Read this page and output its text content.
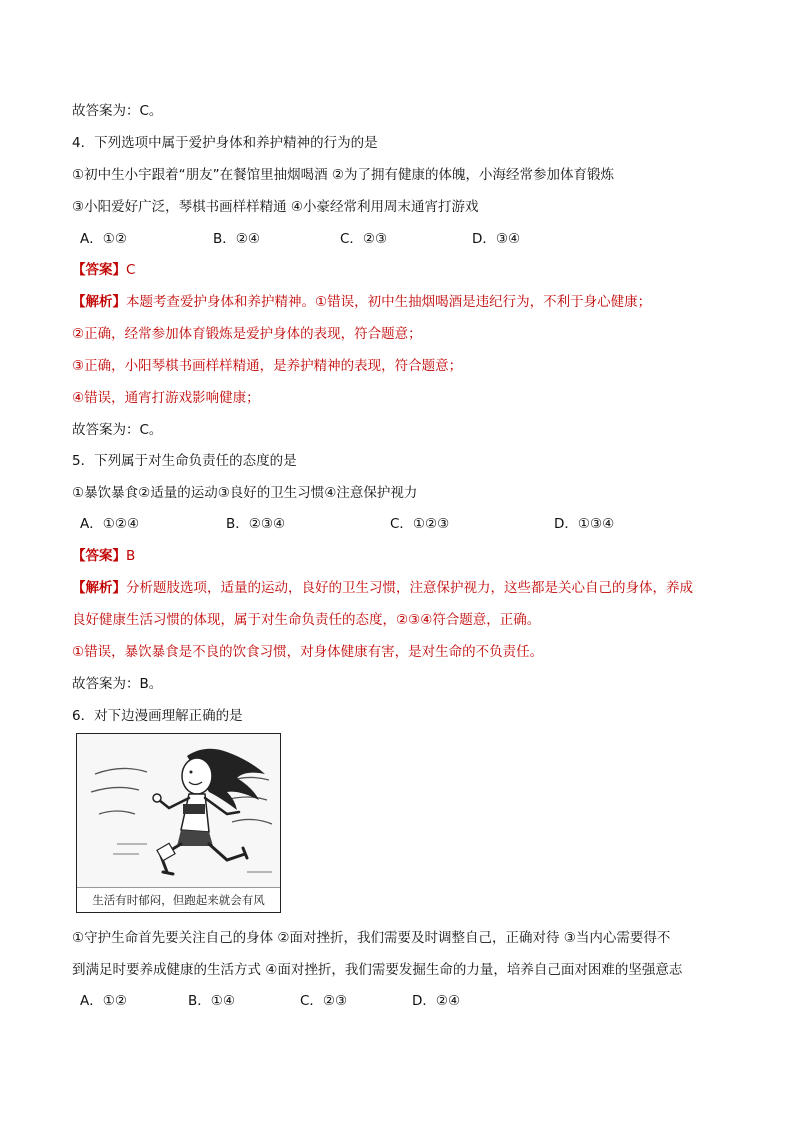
故答案为：C。
4．下列选项中属于爱护身体和养护精神的行为的是
①初中生小宇跟着“朋友”在餐馆里抽烟喝酒 ②为了拥有健康的体魄，小海经常参加体育锻炼
③小阳爱好广泛，琴棋书画样样精通 ④小豪经常利用周末通宵打游戏
A．①②	B．②④	C．②③	D．③④
【答案】C
【解析】本题考查爱护身体和养护精神。①错误，初中生抽烟喝酒是违纪行为，不利于身心健康；
②正确，经常参加体育锻炼是爱护身体的表现，符合题意；
③正确，小阳琴棋书画样样精通，是养护精神的表现，符合题意；
④错误，通宵打游戏影响健康；
故答案为：C。
5．下列属于对生命负责任的态度的是
①暴饮暴食②适量的运动③良好的卫生习惯④注意保护视力
A．①②④	B．②③④	C．①②③	D．①③④
【答案】B
【解析】分析题肢选项，适量的运动，良好的卫生习惯，注意保护视力，这些都是关心自己的身体，养成
良好健康生活习惯的体现，属于对生命负责任的态度，②③④符合题意，正确。
①错误，暴饮暴食是不良的饮食习惯，对身体健康有害，是对生命的不负责任。
故答案为：B。
6．对下边漫画理解正确的是
生活有时郁闷，但跑起来就会有风
①守护生命首先要关注自己的身体 ②面对挫折，我们需要及时调整自己，正确对待 ③当内心需要得不
到满足时要养成健康的生活方式 ④面对挫折，我们需要发掘生命的力量，培养自己面对困难的坚强意志
A．①②	B．①④	C．②③	D．②④
